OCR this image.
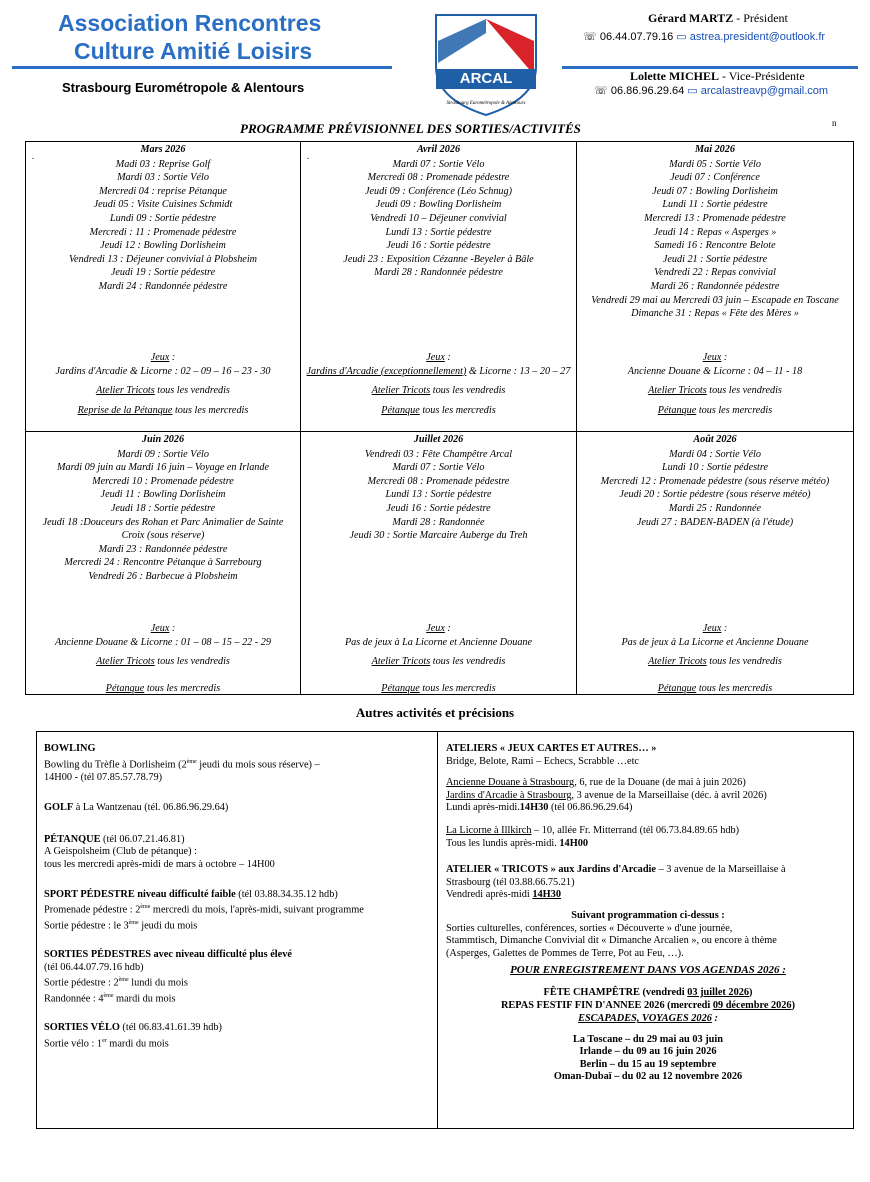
Association Rencontres
Culture Amitié Loisirs
Strasbourg Eurométropole & Alentours
ARCAL
Strasbourg Eurométropole & Alentours
Gérard MARTZ - Président
☏ 06.44.07.79.16 ▭ astrea.president@outlook.fr
Lolette MICHEL - Vice-Présidente
☏ 06.86.96.29.64 ▭ arcalastreavp@gmail.com
n
PROGRAMME PRÉVISIONNEL DES SORTIES/ACTIVITÉS
.
Mars 2026
Madi 03 : Reprise Golf
Mardi 03 : Sortie Vélo
Mercredi 04 : reprise Pétanque
Jeudi 05 : Visite Cuisines Schmidt
Lundi 09 : Sortie pédestre
Mercredi : 11 : Promenade pédestre
Jeudi 12 : Bowling Dorlisheim
Vendredi 13 : Déjeuner convivial à Plobsheim
Jeudi 19 : Sortie pédestre
Mardi 24 : Randonnée pédestre
Jeux :
Jardins d'Arcadie & Licorne : 02 – 09 – 16 – 23 - 30
Atelier Tricots tous les vendredis
Reprise de la Pétanque tous les mercredis
.
Avril 2026
Mardi 07 : Sortie Vélo
Mercredi 08 : Promenade pédestre
Jeudi 09 : Conférence (Léo Schnug)
Jeudi 09 : Bowling Dorlisheim
Vendredi 10 – Déjeuner convivial
Lundi 13 : Sortie pédestre
Jeudi 16 : Sortie pédestre
Jeudi 23 : Exposition Cézanne -Beyeler à Bâle
Mardi 28 : Randonnée pédestre
Jeux :
Jardins d'Arcadie (exceptionnellement) & Licorne : 13 – 20 – 27
Atelier Tricots tous les vendredis
Pétanque tous les mercredis
Mai 2026
Mardi 05 : Sortie Vélo
Jeudi 07 : Conférence
Jeudi 07 : Bowling Dorlisheim
Lundi 11 : Sortie pédestre
Mercredi 13 : Promenade pédestre
Jeudi 14 : Repas « Asperges »
Samedi 16 : Rencontre Belote
Jeudi 21 : Sortie pédestre
Vendredi 22 : Repas convivial
Mardi 26 : Randonnée pédestre
Vendredi 29 mai au Mercredi 03 juin – Escapade en Toscane
Dimanche 31 : Repas « Fête des Mères »
Jeux :
Ancienne Douane & Licorne : 04 – 11 - 18
Atelier Tricots tous les vendredis
Pétanque tous les mercredis
Juin 2026
Mardi 09 : Sortie Vélo
Mardi 09 juin au Mardi 16 juin – Voyage en Irlande
Mercredi 10 : Promenade pédestre
Jeudi 11 : Bowling Dorlisheim
Jeudi 18 : Sortie pédestre
Jeudi 18 :Douceurs des Rohan et Parc Animalier de Sainte Croix (sous réserve)
Mardi 23 : Randonnée pédestre
Mercredi 24 : Rencontre Pétanque à Sarrebourg
Vendredi 26 : Barbecue à Plobsheim
Jeux :
Ancienne Douane & Licorne : 01 – 08 – 15 – 22 - 29
Atelier Tricots tous les vendredis
Pétanque tous les mercredis
Juillet 2026
Vendredi 03 : Fête Champêtre Arcal
Mardi 07 : Sortie Vélo
Mercredi 08 : Promenade pédestre
Lundi 13 : Sortie pédestre
Jeudi 16 : Sortie pédestre
Mardi 28 : Randonnée
Jeudi 30 : Sortie Marcaire Auberge du Treh
Jeux :
Pas de jeux à La Licorne et Ancienne Douane
Atelier Tricots tous les vendredis
Pétanque tous les mercredis
Août 2026
Mardi 04 : Sortie Vélo
Lundi 10 : Sortie pédestre
Mercredi 12 : Promenade pédestre (sous réserve météo)
Jeudi 20 : Sortie pédestre (sous réserve météo)
Mardi 25 : Randonnée
Jeudi 27 : BADEN-BADEN (à l'étude)
Jeux :
Pas de jeux à La Licorne et Ancienne Douane
Atelier Tricots tous les vendredis
Pétanque tous les mercredis
Autres activités et précisions

BOWLING

Bowling du Trèfle à Dorlisheim (2ème jeudi du mois sous réserve) –

14H00 - (tél 07.85.57.78.79)

GOLF à La Wantzenau (tél. 06.86.96.29.64)

PÉTANQUE (tél 06.07.21.46.81)

A Geispolsheim (Club de pétanque) :

tous les mercredi après-midi de mars à octobre – 14H00

SPORT PÉDESTRE niveau difficulté faible (tél 03.88.34.35.12 hdb)

Promenade pédestre : 2ème mercredi du mois, l'après-midi, suivant programme

Sortie pédestre : le 3ème jeudi du mois

SORTIES PÉDESTRES avec niveau difficulté plus élevé

(tél 06.44.07.79.16 hdb)

Sortie pédestre : 2ème lundi du mois

Randonnée : 4ème mardi du mois

SORTIES VÉLO (tél 06.83.41.61.39 hdb)

Sortie vélo : 1er mardi du mois

ATELIERS « JEUX CARTES ET AUTRES… »

Bridge, Belote, Rami – Echecs, Scrabble …etc

Ancienne Douane à Strasbourg, 6, rue de la Douane (de mai à juin 2026)

Jardins d'Arcadie à Strasbourg, 3 avenue de la Marseillaise (déc. à avril 2026)

Lundi après-midi.14H30 (tél 06.86.96.29.64)

La Licorne à Illkirch – 10, allée Fr. Mitterrand (tél 06.73.84.89.65 hdb)

Tous les lundis après-midi. 14H00

ATELIER « TRICOTS » aux Jardins d'Arcadie – 3 avenue de la Marseillaise à

Strasbourg (tél 03.88.66.75.21)

Vendredi après-midi 14H30

Suivant programmation ci-dessus :

Sorties culturelles, conférences, sorties « Découverte » d'une journée,

Stammtisch, Dimanche Convivial dit « Dimanche Arcalien », ou encore à thème

(Asperges, Galettes de Pommes de Terre, Pot au Feu, …).

POUR ENREGISTREMENT DANS VOS AGENDAS 2026 :

FÊTE CHAMPÊTRE (vendredi 03 juillet 2026)

REPAS FESTIF FIN D'ANNEE 2026 (mercredi 09 décembre 2026)

ESCAPADES, VOYAGES 2026 :

La Toscane – du 29 mai au 03 juin

Irlande – du 09 au 16 juin 2026

Berlin – du 15 au 19 septembre

Oman-Dubaï – du 02 au 12 novembre 2026
